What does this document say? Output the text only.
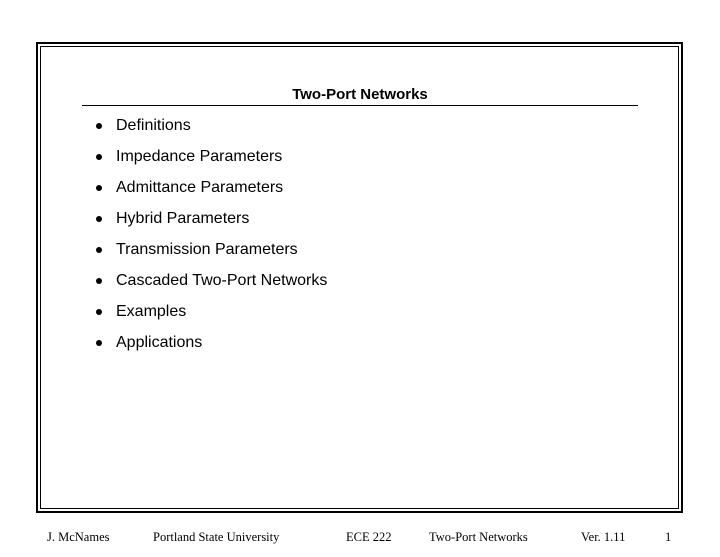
Two-Port Networks
Definitions
Impedance Parameters
Admittance Parameters
Hybrid Parameters
Transmission Parameters
Cascaded Two-Port Networks
Examples
Applications
J. McNames	Portland State University	ECE 222	Two-Port Networks	Ver. 1.11	1
